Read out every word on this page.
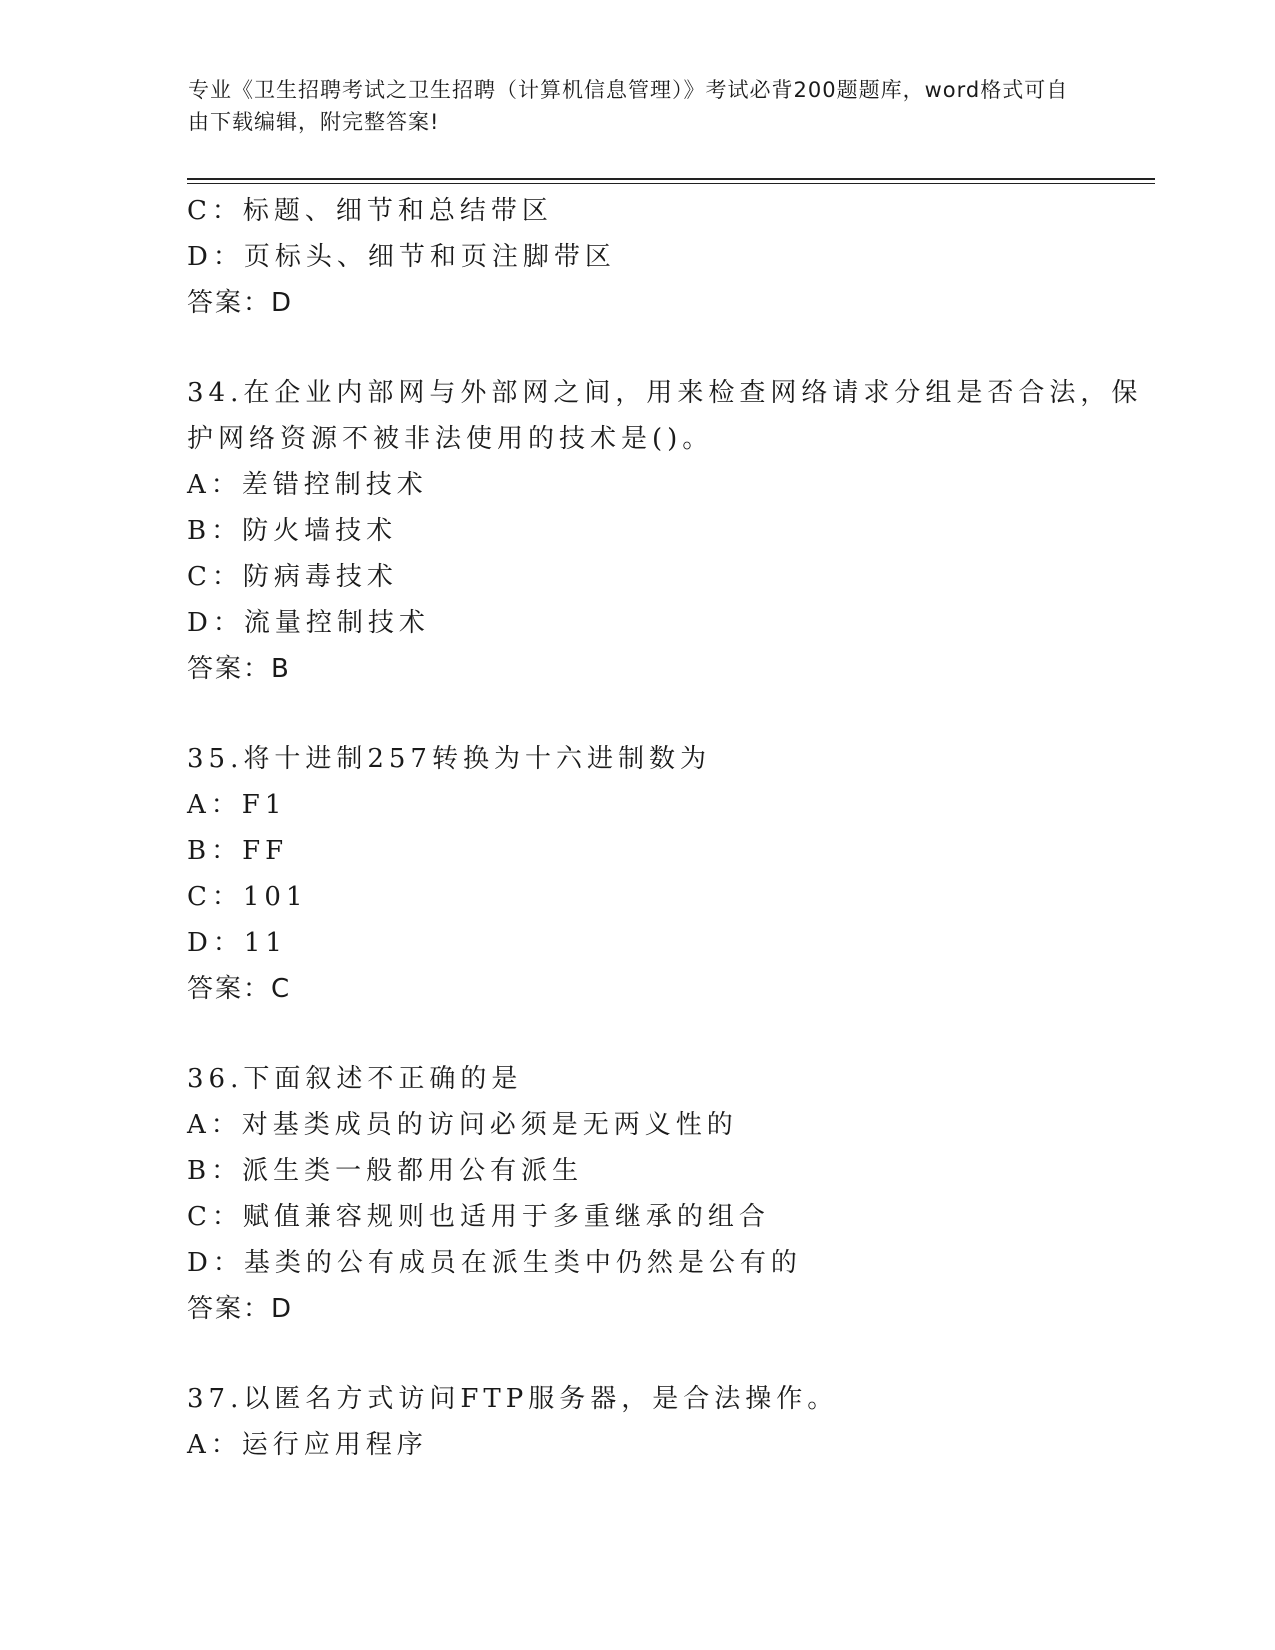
专业《卫生招聘考试之卫生招聘（计算机信息管理）》考试必背200题题库，word格式可自由下载编辑，附完整答案!
C：标题、细节和总结带区
D：页标头、细节和页注脚带区
答案：D
34.在企业内部网与外部网之间，用来检查网络请求分组是否合法，保
护网络资源不被非法使用的技术是()。
A：差错控制技术
B：防火墙技术
C：防病毒技术
D：流量控制技术
答案：B
35.将十进制257转换为十六进制数为
A：F1
B：FF
C：101
D：11
答案：C
36.下面叙述不正确的是
A：对基类成员的访问必须是无两义性的
B：派生类一般都用公有派生
C：赋值兼容规则也适用于多重继承的组合
D：基类的公有成员在派生类中仍然是公有的
答案：D
37.以匿名方式访问FTP服务器，是合法操作。
A：运行应用程序
